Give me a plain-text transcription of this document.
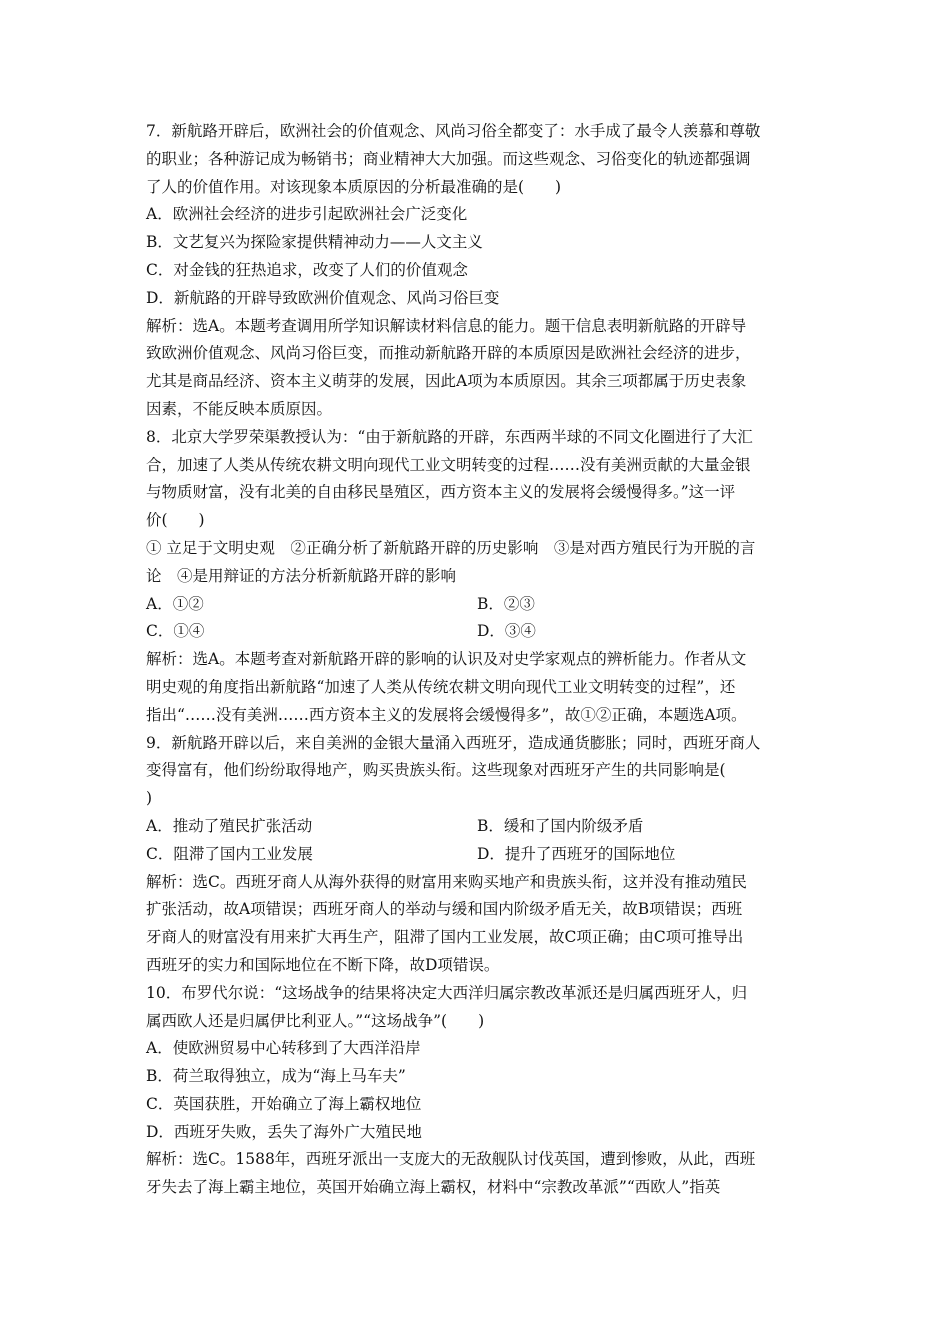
7．新航路开辟后，欧洲社会的价值观念、风尚习俗全都变了：水手成了最令人羡慕和尊敬
的职业；各种游记成为畅销书；商业精神大大加强。而这些观念、习俗变化的轨迹都强调
了人的价值作用。对该现象本质原因的分析最准确的是(　　)
A．欧洲社会经济的进步引起欧洲社会广泛变化
B．文艺复兴为探险家提供精神动力——人文主义
C．对金钱的狂热追求，改变了人们的价值观念
D．新航路的开辟导致欧洲价值观念、风尚习俗巨变
解析：选A。本题考查调用所学知识解读材料信息的能力。题干信息表明新航路的开辟导
致欧洲价值观念、风尚习俗巨变，而推动新航路开辟的本质原因是欧洲社会经济的进步，
尤其是商品经济、资本主义萌芽的发展，因此A项为本质原因。其余三项都属于历史表象
因素，不能反映本质原因。
8．北京大学罗荣渠教授认为：“由于新航路的开辟，东西两半球的不同文化圈进行了大汇
合，加速了人类从传统农耕文明向现代工业文明转变的过程……没有美洲贡献的大量金银
与物质财富，没有北美的自由移民垦殖区，西方资本主义的发展将会缓慢得多。”这一评
价(　　)
① 立足于文明史观　②正确分析了新航路开辟的历史影响　③是对西方殖民行为开脱的言
论　④是用辩证的方法分析新航路开辟的影响
A．①②	B．②③
C．①④	D．③④
解析：选A。本题考查对新航路开辟的影响的认识及对史学家观点的辨析能力。作者从文
明史观的角度指出新航路“加速了人类从传统农耕文明向现代工业文明转变的过程”，还
指出“……没有美洲……西方资本主义的发展将会缓慢得多”，故①②正确，本题选A项。
9．新航路开辟以后，来自美洲的金银大量涌入西班牙，造成通货膨胀；同时，西班牙商人
变得富有，他们纷纷取得地产，购买贵族头衔。这些现象对西班牙产生的共同影响是(
)
A．推动了殖民扩张活动	B．缓和了国内阶级矛盾
C．阻滞了国内工业发展	D．提升了西班牙的国际地位
解析：选C。西班牙商人从海外获得的财富用来购买地产和贵族头衔，这并没有推动殖民
扩张活动，故A项错误；西班牙商人的举动与缓和国内阶级矛盾无关，故B项错误；西班
牙商人的财富没有用来扩大再生产，阻滞了国内工业发展，故C项正确；由C项可推导出
西班牙的实力和国际地位在不断下降，故D项错误。
10．布罗代尔说：“这场战争的结果将决定大西洋归属宗教改革派还是归属西班牙人，归
属西欧人还是归属伊比利亚人。”“这场战争”(　　)
A．使欧洲贸易中心转移到了大西洋沿岸
B．荷兰取得独立，成为“海上马车夫”
C．英国获胜，开始确立了海上霸权地位
D．西班牙失败，丢失了海外广大殖民地
解析：选C。1588年，西班牙派出一支庞大的无敌舰队讨伐英国，遭到惨败，从此，西班
牙失去了海上霸主地位，英国开始确立海上霸权，材料中“宗教改革派”“西欧人”指英
